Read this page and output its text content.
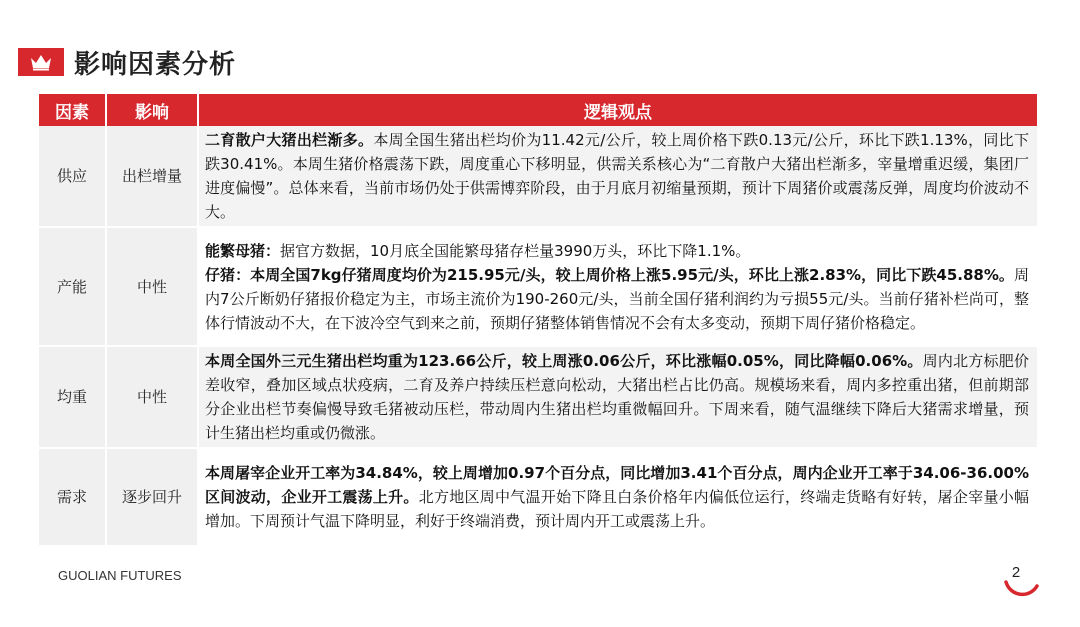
影响因素分析
因素	影响	逻辑观点
供应	出栏增量	二育散户大猪出栏渐多。本周全国生猪出栏均价为11.42元/公斤，较上周价格下跌0.13元/公斤，环比下跌1.13%，同比下跌30.41%。本周生猪价格震荡下跌，周度重心下移明显，供需关系核心为“二育散户大猪出栏渐多，宰量增重迟缓，集团厂进度偏慢”。总体来看，当前市场仍处于供需博弈阶段，由于月底月初缩量预期，预计下周猪价或震荡反弹，周度均价波动不大。

产能	中性	能繁母猪：据官方数据，10月底全国能繁母猪存栏量3990万头，环比下降1.1%。
仔猪：本周全国7kg仔猪周度均价为215.95元/头，较上周价格上涨5.95元/头，环比上涨2.83%，同比下跌45.88%。周内7公斤断奶仔猪报价稳定为主，市场主流价为190-260元/头，当前全国仔猪利润约为亏损55元/头。当前仔猪补栏尚可，整体行情波动不大，在下波冷空气到来之前，预期仔猪整体销售情况不会有太多变动，预期下周仔猪价格稳定。

均重	中性	本周全国外三元生猪出栏均重为123.66公斤，较上周涨0.06公斤，环比涨幅0.05%，同比降幅0.06%。周内北方标肥价差收窄，叠加区域点状疫病，二育及养户持续压栏意向松动，大猪出栏占比仍高。规模场来看，周内多控重出猪，但前期部分企业出栏节奏偏慢导致毛猪被动压栏，带动周内生猪出栏均重微幅回升。下周来看，随气温继续下降后大猪需求增量，预计生猪出栏均重或仍微涨。

需求	逐步回升	本周屠宰企业开工率为34.84%，较上周增加0.97个百分点，同比增加3.41个百分点，周内企业开工率于34.06-36.00%区间波动，企业开工震荡上升。北方地区周中气温开始下降且白条价格年内偏低位运行，终端走货略有好转，屠企宰量小幅增加。下周预计气温下降明显，利好于终端消费，预计周内开工或震荡上升。
GUOLIAN FUTURES	2
